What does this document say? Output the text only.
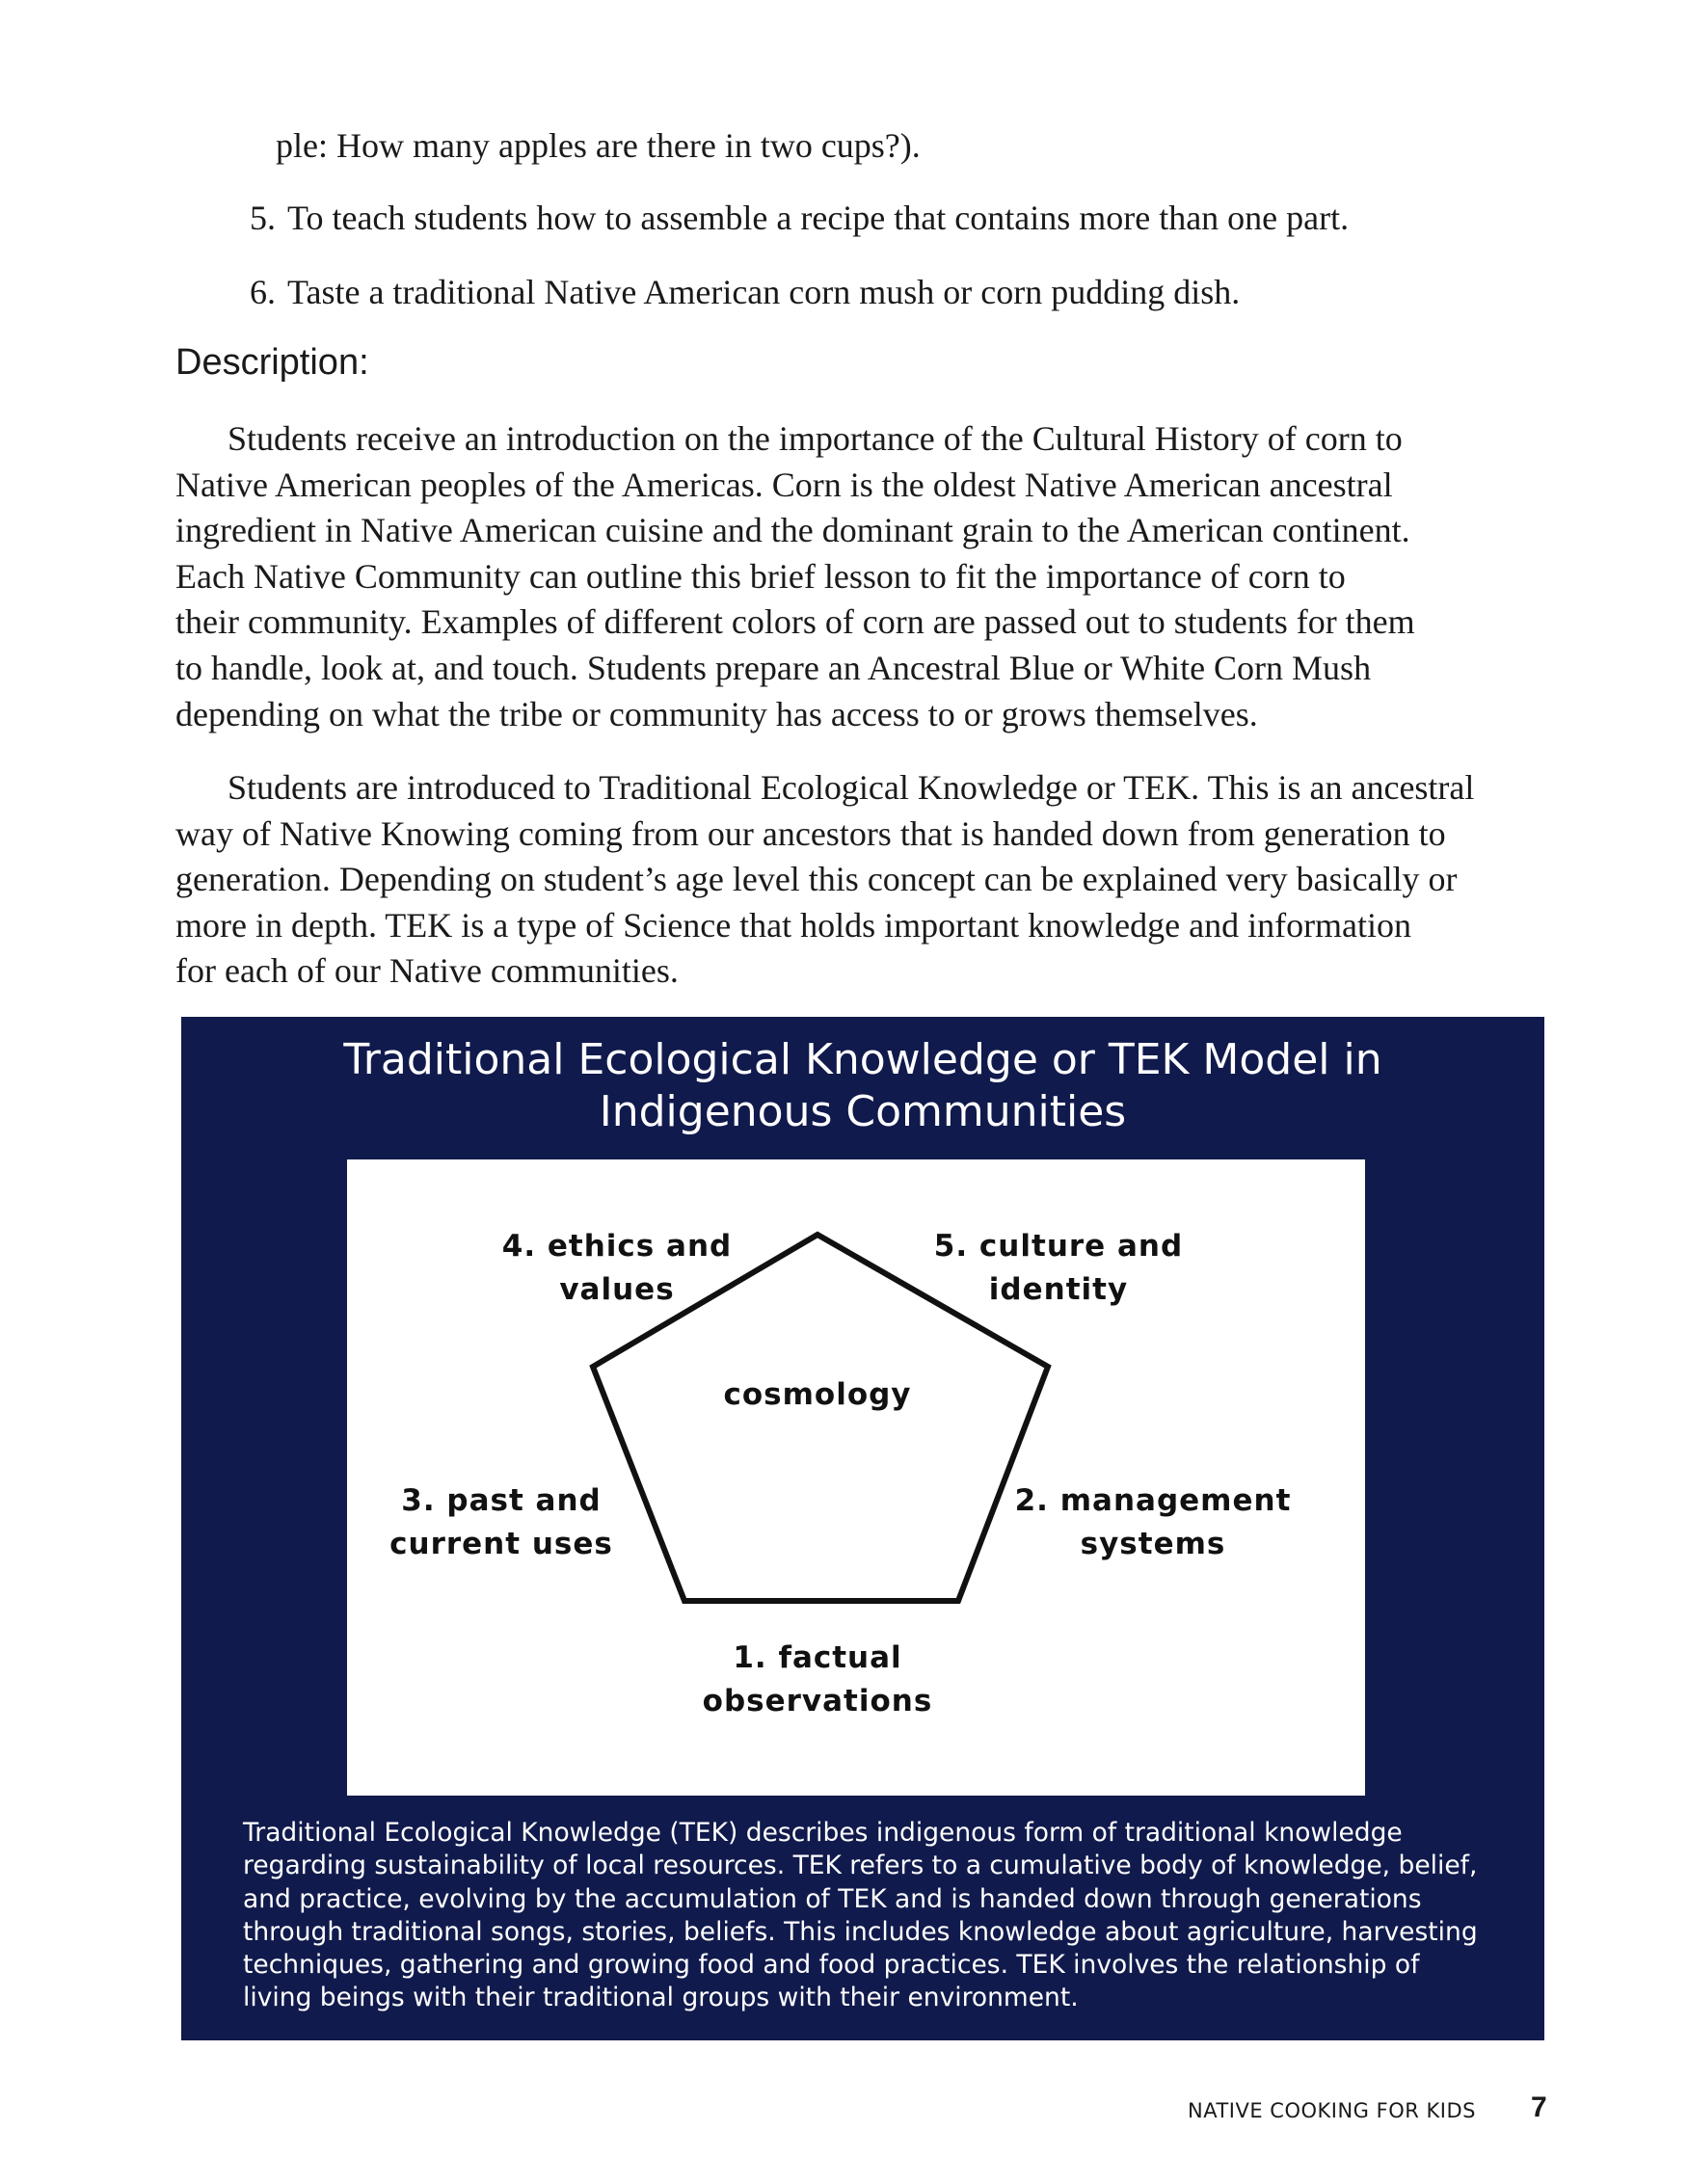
ple: How many apples are there in two cups?).
5. To teach students how to assemble a recipe that contains more than one part.
6. Taste a traditional Native American corn mush or corn pudding dish.
Description:
Students receive an introduction on the importance of the Cultural History of corn to
Native American peoples of the Americas. Corn is the oldest Native American ancestral
ingredient in Native American cuisine and the dominant grain to the American continent.
Each Native Community can outline this brief lesson to fit the importance of corn to
their community. Examples of different colors of corn are passed out to students for them
to handle, look at, and touch. Students prepare an Ancestral Blue or White Corn Mush
depending on what the tribe or community has access to or grows themselves.
Students are introduced to Traditional Ecological Knowledge or TEK. This is an ancestral
way of Native Knowing coming from our ancestors that is handed down from generation to
generation. Depending on student’s age level this concept can be explained very basically or
more in depth. TEK is a type of Science that holds important knowledge and information
for each of our Native communities.
Traditional Ecological Knowledge or TEK Model in
Indigenous Communities
4. ethics and
values
5. culture and
identity
cosmology
3. past and
current uses
2. management
systems
1. factual
observations
Traditional Ecological Knowledge (TEK) describes indigenous form of traditional knowledge
regarding sustainability of local resources. TEK refers to a cumulative body of knowledge, belief,
and practice, evolving by the accumulation of TEK and is handed down through generations
through traditional songs, stories, beliefs. This includes knowledge about agriculture, harvesting
techniques, gathering and growing food and food practices. TEK involves the relationship of
living beings with their traditional groups with their environment.
NATIVE COOKING FOR KIDS 7
